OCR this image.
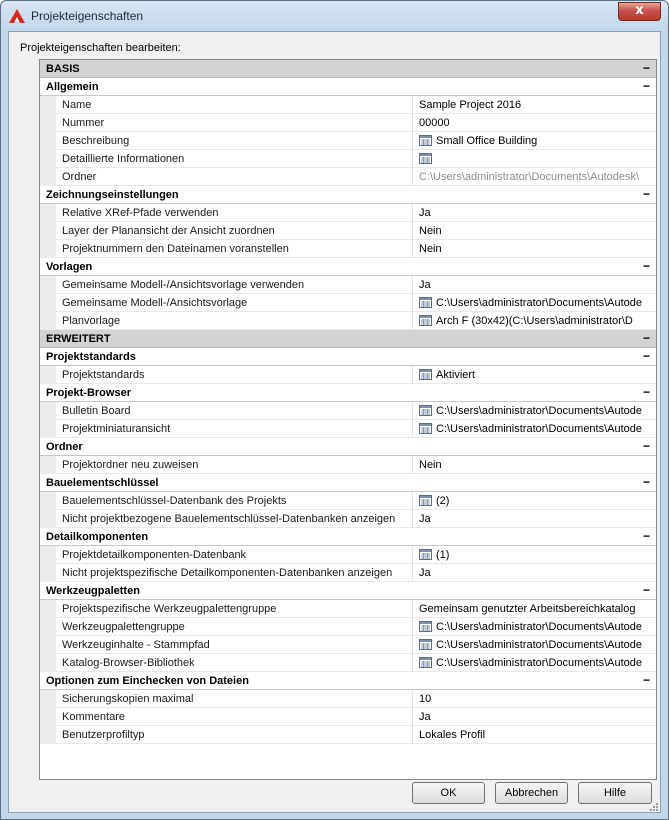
Projekteigenschaften	x
Projekteigenschaften bearbeiten:
BASIS	−
Allgemein	−
Name	Sample Project 2016
Nummer	00000
Beschreibung	Small Office Building
Detaillierte Informationen
Ordner	C:\Users\administrator\Documents\Autodesk\
Zeichnungseinstellungen	−
Relative XRef-Pfade verwenden	Ja
Layer der Planansicht der Ansicht zuordnen	Nein
Projektnummern den Dateinamen voranstellen	Nein
Vorlagen	−
Gemeinsame Modell-/Ansichtsvorlage verwenden	Ja
Gemeinsame Modell-/Ansichtsvorlage	C:\Users\administrator\Documents\Autode
Planvorlage	Arch F (30x42)(C:\Users\administrator\D
ERWEITERT	−
Projektstandards	−
Projektstandards	Aktiviert
Projekt-Browser	−
Bulletin Board	C:\Users\administrator\Documents\Autode
Projektminiaturansicht	C:\Users\administrator\Documents\Autode
Ordner	−
Projektordner neu zuweisen	Nein
Bauelementschlüssel	−
Bauelementschlüssel-Datenbank des Projekts	(2)
Nicht projektbezogene Bauelementschlüssel-Datenbanken anzeigen	Ja
Detailkomponenten	−
Projektdetailkomponenten-Datenbank	(1)
Nicht projektspezifische Detailkomponenten-Datenbanken anzeigen	Ja
Werkzeugpaletten	−
Projektspezifische Werkzeugpalettengruppe	Gemeinsam genutzter Arbeitsbereichkatalog
Werkzeugpalettengruppe	C:\Users\administrator\Documents\Autode
Werkzeuginhalte - Stammpfad	C:\Users\administrator\Documents\Autode
Katalog-Browser-Bibliothek	C:\Users\administrator\Documents\Autode
Optionen zum Einchecken von Dateien	−
Sicherungskopien maximal	10
Kommentare	Ja
Benutzerprofiltyp	Lokales Profil
OK	Abbrechen	Hilfe
